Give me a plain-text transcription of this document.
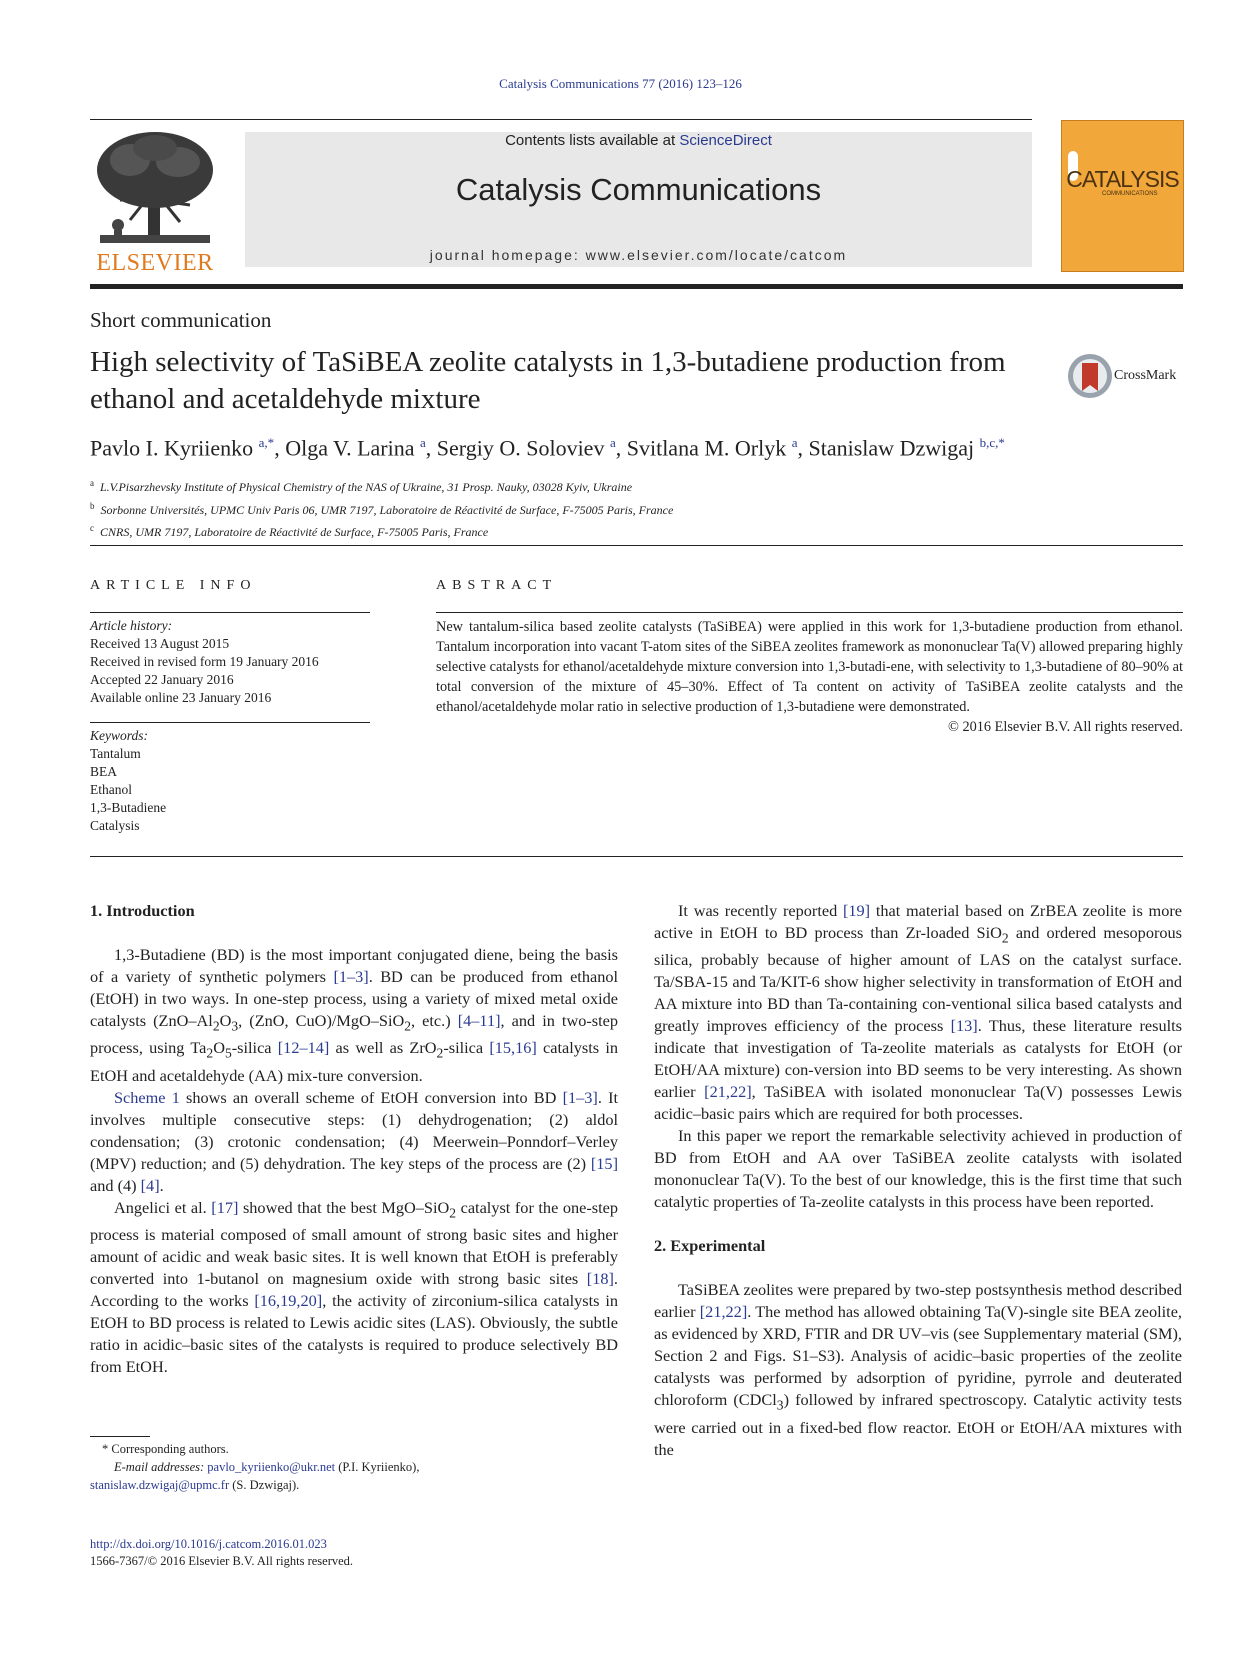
Catalysis Communications 77 (2016) 123–126
ELSEVIER
Contents lists available at ScienceDirect
Catalysis Communications
journal homepage: www.elsevier.com/locate/catcom
CATALYSIS
COMMUNICATIONS
Short communication
High selectivity of TaSiBEA zeolite catalysts in 1,3-butadiene production from ethanol and acetaldehyde mixture
CrossMark
Pavlo I. Kyriienko $^{a,*}$, Olga V. Larina $^a$, Sergiy O. Soloviev $^a$, Svitlana M. Orlyk $^a$, Stanislaw Dzwigaj $^{b,c,*}$
$^a$ L.V.Pisarzhevsky Institute of Physical Chemistry of the NAS of Ukraine, 31 Prosp. Nauky, 03028 Kyiv, Ukraine
$^b$ Sorbonne Universités, UPMC Univ Paris 06, UMR 7197, Laboratoire de Réactivité de Surface, F-75005 Paris, France
$^c$ CNRS, UMR 7197, Laboratoire de Réactivité de Surface, F-75005 Paris, France
ARTICLE INFO
Article history:
Received 13 August 2015
Received in revised form 19 January 2016
Accepted 22 January 2016
Available online 23 January 2016
Keywords:
Tantalum
BEA
Ethanol
1,3-Butadiene
Catalysis
ABSTRACT
New tantalum-silica based zeolite catalysts (TaSiBEA) were applied in this work for 1,3-butadiene production from ethanol. Tantalum incorporation into vacant T-atom sites of the SiBEA zeolites framework as mononuclear Ta(V) allowed preparing highly selective catalysts for ethanol/acetaldehyde mixture conversion into 1,3-butadi-ene, with selectivity to 1,3-butadiene of 80–90% at total conversion of the mixture of 45–30%. Effect of Ta content on activity of TaSiBEA zeolite catalysts and the ethanol/acetaldehyde molar ratio in selective production of 1,3-butadiene were demonstrated.
© 2016 Elsevier B.V. All rights reserved.
1. Introduction

1,3-Butadiene (BD) is the most important conjugated diene, being the basis of a variety of synthetic polymers [1–3]. BD can be produced from ethanol (EtOH) in two ways. In one-step process, using a variety of mixed metal oxide catalysts ($ZnO-Al_2O_3$, (ZnO, CuO)/MgO–SiO$_2$, etc.) [4–11], and in two-step process, using $Ta_2O_5$-silica [12–14] as well as ZrO$_2$-silica [15,16] catalysts in EtOH and acetaldehyde (AA) mix-ture conversion.

Scheme 1 shows an overall scheme of EtOH conversion into BD [1–3]. It involves multiple consecutive steps: (1) dehydrogenation; (2) aldol condensation; (3) crotonic condensation; (4) Meerwein–Ponndorf–Verley (MPV) reduction; and (5) dehydration. The key steps of the process are (2) [15] and (4) [4].

Angelici et al. [17] showed that the best MgO–SiO$_2$ catalyst for the one-step process is material composed of small amount of strong basic sites and higher amount of acidic and weak basic sites. It is well known that EtOH is preferably converted into 1-butanol on magnesium oxide with strong basic sites [18]. According to the works [16,19,20], the activity of zirconium-silica catalysts in EtOH to BD process is related to Lewis acidic sites (LAS). Obviously, the subtle ratio in acidic–basic sites of the catalysts is required to produce selectively BD from EtOH.

It was recently reported [19] that material based on ZrBEA zeolite is more active in EtOH to BD process than Zr-loaded SiO$_2$ and ordered mesoporous silica, probably because of higher amount of LAS on the catalyst surface. Ta/SBA-15 and Ta/KIT-6 show higher selectivity in transformation of EtOH and AA mixture into BD than Ta-containing con-ventional silica based catalysts and greatly improves efficiency of the process [13]. Thus, these literature results indicate that investigation of Ta-zeolite materials as catalysts for EtOH (or EtOH/AA mixture) con-version into BD seems to be very interesting. As shown earlier [21,22], TaSiBEA with isolated mononuclear Ta(V) possesses Lewis acidic–basic pairs which are required for both processes.

In this paper we report the remarkable selectivity achieved in production of BD from EtOH and AA over TaSiBEA zeolite catalysts with isolated mononuclear Ta(V). To the best of our knowledge, this is the first time that such catalytic properties of Ta-zeolite catalysts in this process have been reported.

2. Experimental

TaSiBEA zeolites were prepared by two-step postsynthesis method described earlier [21,22]. The method has allowed obtaining Ta(V)-single site BEA zeolite, as evidenced by XRD, FTIR and DR UV–vis (see Supplementary material (SM), Section 2 and Figs. S1–S3). Analysis of acidic–basic properties of the zeolite catalysts was performed by adsorption of pyridine, pyrrole and deuterated chloroform (CDCl$_3$) followed by infrared spectroscopy. Catalytic activity tests were carried out in a fixed-bed flow reactor. EtOH or EtOH/AA mixtures with the

* Corresponding authors.
E-mail addresses: pavlo_kyriienko@ukr.net (P.I. Kyriienko),
stanislaw.dzwigaj@upmc.fr (S. Dzwigaj).
http://dx.doi.org/10.1016/j.catcom.2016.01.023
1566-7367/© 2016 Elsevier B.V. All rights reserved.
